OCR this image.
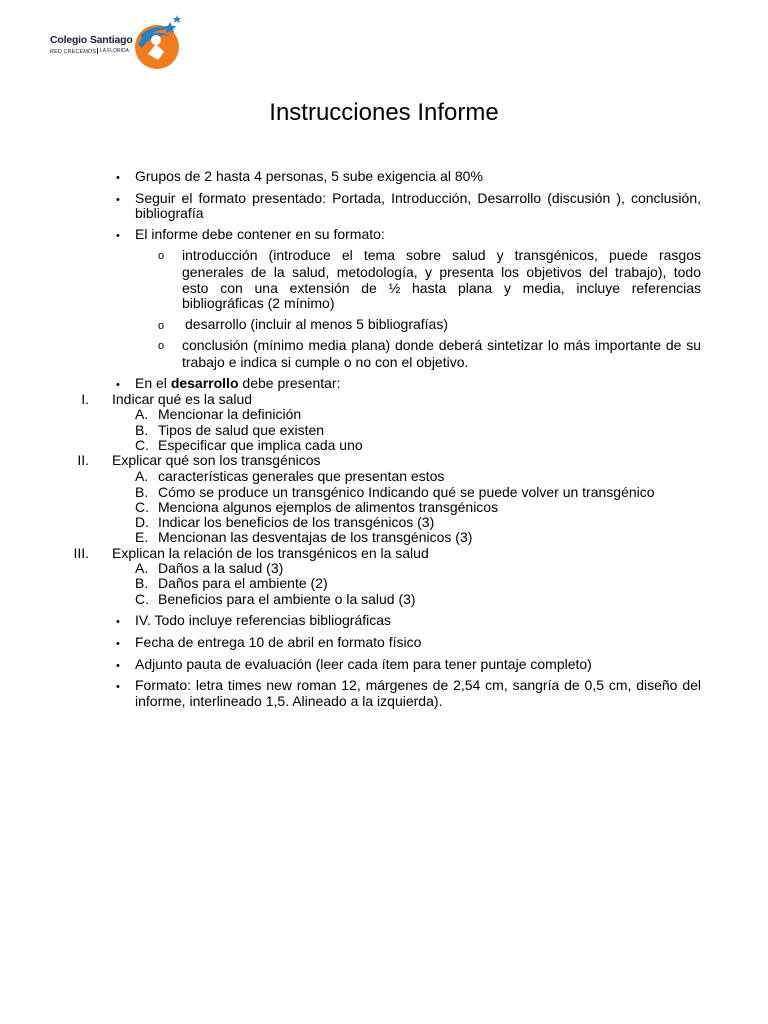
Colegio Santiago
RED CRECEMOS LA FLORIDA
Instrucciones Informe
• Grupos de 2 hasta 4 personas, 5 sube exigencia al 80%
• Seguir el formato presentado: Portada, Introducción, Desarrollo (discusión ), conclusión,
bibliografía
• El informe debe contener en su formato:
o introducción (introduce el tema sobre salud y transgénicos, puede rasgos
generales de la salud, metodología, y presenta los objetivos del trabajo), todo
esto con una extensión de ½ hasta plana y media, incluye referencias
bibliográficas (2 mínimo)
o desarrollo (incluir al menos 5 bibliografías)
o conclusión (mínimo media plana) donde deberá sintetizar lo más importante de su
trabajo e indica si cumple o no con el objetivo.
• En el desarrollo debe presentar:
I. Indicar qué es la salud
A. Mencionar la definición
B. Tipos de salud que existen
C. Especificar que implica cada uno
II. Explicar qué son los transgénicos
A. características generales que presentan estos
B. Cómo se produce un transgénico Indicando qué se puede volver un transgénico
C. Menciona algunos ejemplos de alimentos transgénicos
D. Indicar los beneficios de los transgénicos (3)
E. Mencionan las desventajas de los transgénicos (3)
III. Explican la relación de los transgénicos en la salud
A. Daños a la salud (3)
B. Daños para el ambiente (2)
C. Beneficios para el ambiente o la salud (3)
• IV. Todo incluye referencias bibliográficas
• Fecha de entrega 10 de abril en formato físico
• Adjunto pauta de evaluación (leer cada ítem para tener puntaje completo)
• Formato: letra times new roman 12, márgenes de 2,54 cm, sangría de 0,5 cm, diseño del
informe, interlineado 1,5. Alineado a la izquierda).
